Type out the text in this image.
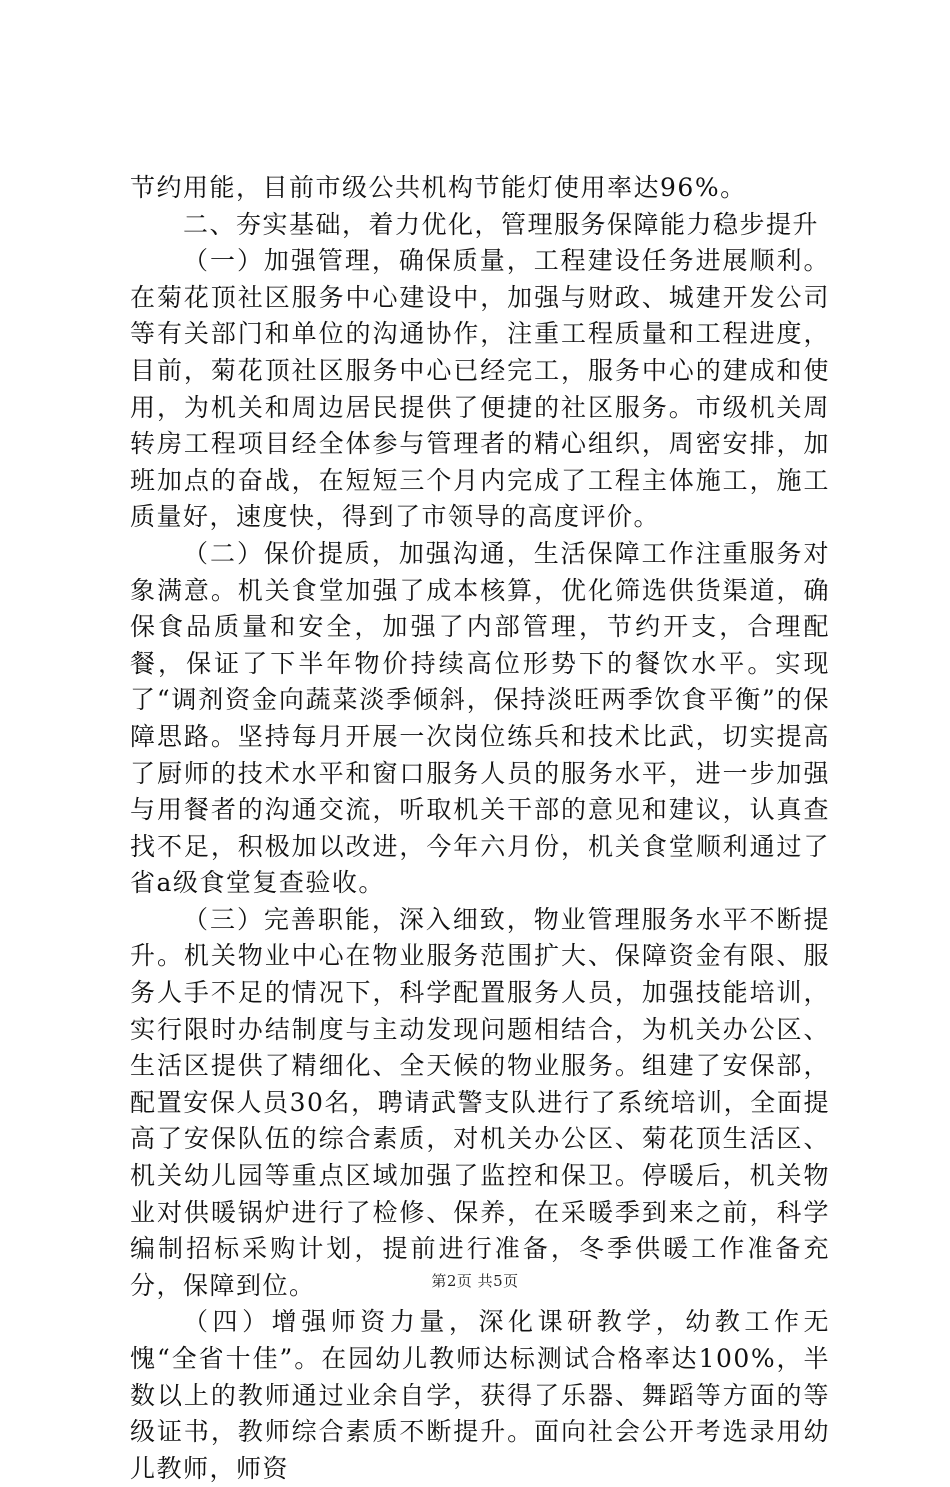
节约用能，目前市级公共机构节能灯使用率达96%。

二、夯实基础，着力优化，管理服务保障能力稳步提升

（一）加强管理，确保质量，工程建设任务进展顺利。在菊花顶社区服务中心建设中，加强与财政、城建开发公司等有关部门和单位的沟通协作，注重工程质量和工程进度，目前，菊花顶社区服务中心已经完工，服务中心的建成和使用，为机关和周边居民提供了便捷的社区服务。市级机关周转房工程项目经全体参与管理者的精心组织，周密安排，加班加点的奋战，在短短三个月内完成了工程主体施工，施工质量好，速度快，得到了市领导的高度评价。

（二）保价提质，加强沟通，生活保障工作注重服务对象满意。机关食堂加强了成本核算，优化筛选供货渠道，确保食品质量和安全，加强了内部管理，节约开支，合理配餐，保证了下半年物价持续高位形势下的餐饮水平。实现了“调剂资金向蔬菜淡季倾斜，保持淡旺两季饮食平衡”的保障思路。坚持每月开展一次岗位练兵和技术比武，切实提高了厨师的技术水平和窗口服务人员的服务水平，进一步加强与用餐者的沟通交流，听取机关干部的意见和建议，认真查找不足，积极加以改进，今年六月份，机关食堂顺利通过了省a级食堂复查验收。

（三）完善职能，深入细致，物业管理服务水平不断提升。机关物业中心在物业服务范围扩大、保障资金有限、服务人手不足的情况下，科学配置服务人员，加强技能培训，实行限时办结制度与主动发现问题相结合，为机关办公区、生活区提供了精细化、全天候的物业服务。组建了安保部，配置安保人员30名，聘请武警支队进行了系统培训，全面提高了安保队伍的综合素质，对机关办公区、菊花顶生活区、机关幼儿园等重点区域加强了监控和保卫。停暖后，机关物业对供暖锅炉进行了检修、保养，在采暖季到来之前，科学编制招标采购计划，提前进行准备，冬季供暖工作准备充分，保障到位。

（四）增强师资力量，深化课研教学，幼教工作无愧“全省十佳”。在园幼儿教师达标测试合格率达100%，半数以上的教师通过业余自学，获得了乐器、舞蹈等方面的等级证书，教师综合素质不断提升。面向社会公开考选录用幼儿教师，师资

第2页 共5页
